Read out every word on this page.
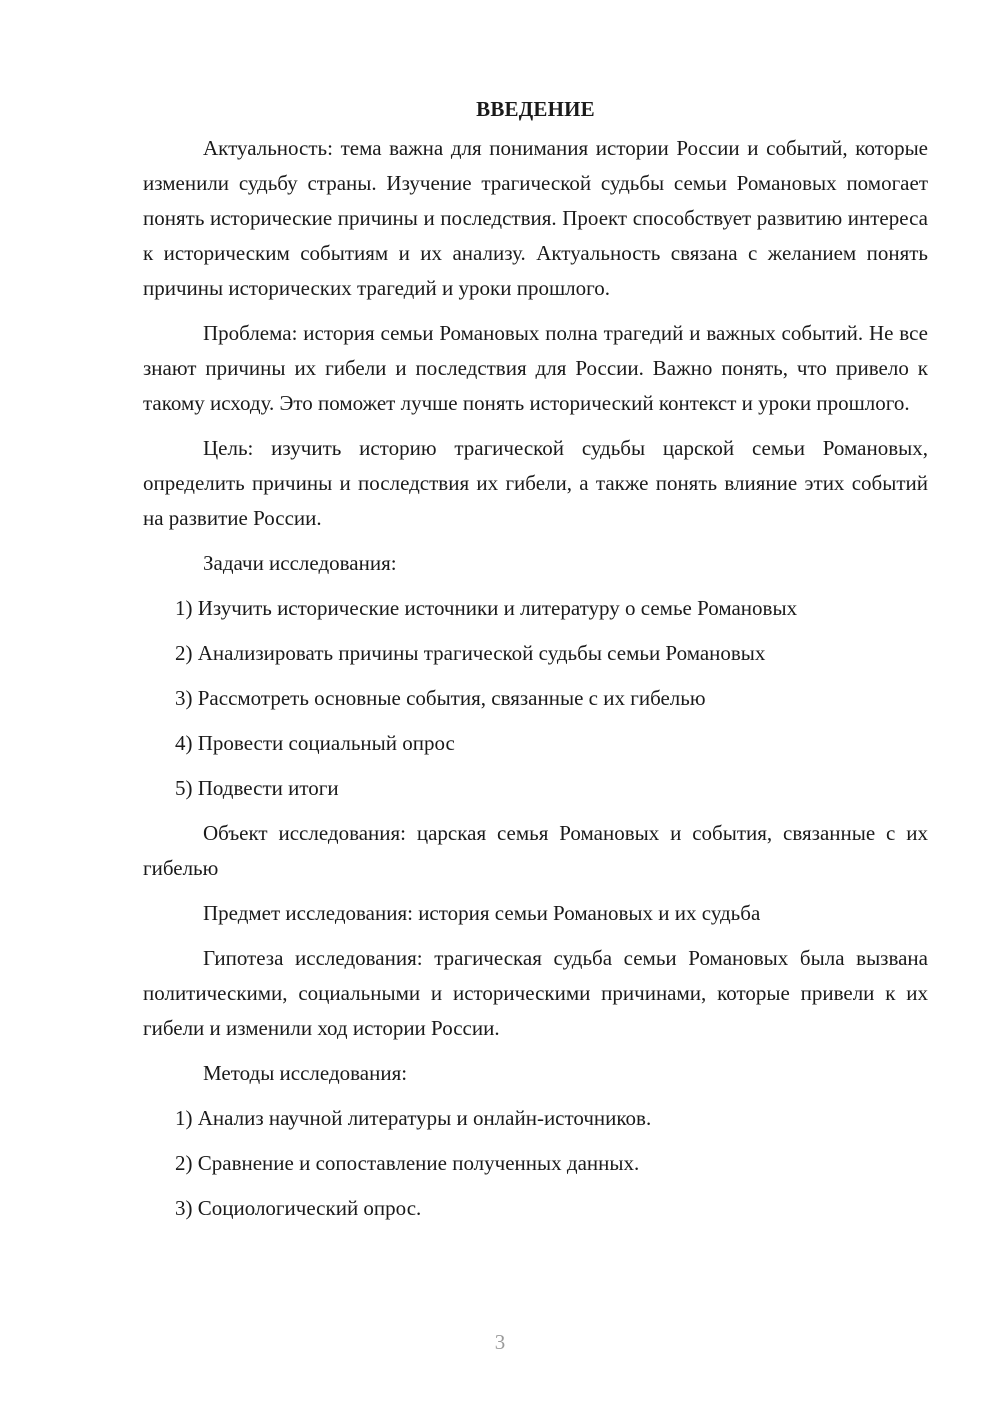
ВВЕДЕНИЕ

Актуальность: тема важна для понимания истории России и событий, которые изменили судьбу страны. Изучение трагической судьбы семьи Романовых помогает понять исторические причины и последствия. Проект способствует развитию интереса к историческим событиям и их анализу. Актуальность связана с желанием понять причины исторических трагедий и уроки прошлого.

Проблема: история семьи Романовых полна трагедий и важных событий. Не все знают причины их гибели и последствия для России. Важно понять, что привело к такому исходу. Это поможет лучше понять исторический контекст и уроки прошлого.

Цель: изучить историю трагической судьбы царской семьи Романовых, определить причины и последствия их гибели, а также понять влияние этих событий на развитие России.

Задачи исследования:

1) Изучить исторические источники и литературу о семье Романовых
2) Анализировать причины трагической судьбы семьи Романовых
3) Рассмотреть основные события, связанные с их гибелью
4) Провести социальный опрос
5) Подвести итоги

Объект исследования: царская семья Романовых и события, связанные с их гибелью

Предмет исследования: история семьи Романовых и их судьба

Гипотеза исследования: трагическая судьба семьи Романовых была вызвана политическими, социальными и историческими причинами, которые привели к их гибели и изменили ход истории России.

Методы исследования:

1) Анализ научной литературы и онлайн-источников.
2) Сравнение и сопоставление полученных данных.
3) Социологический опрос.
3
